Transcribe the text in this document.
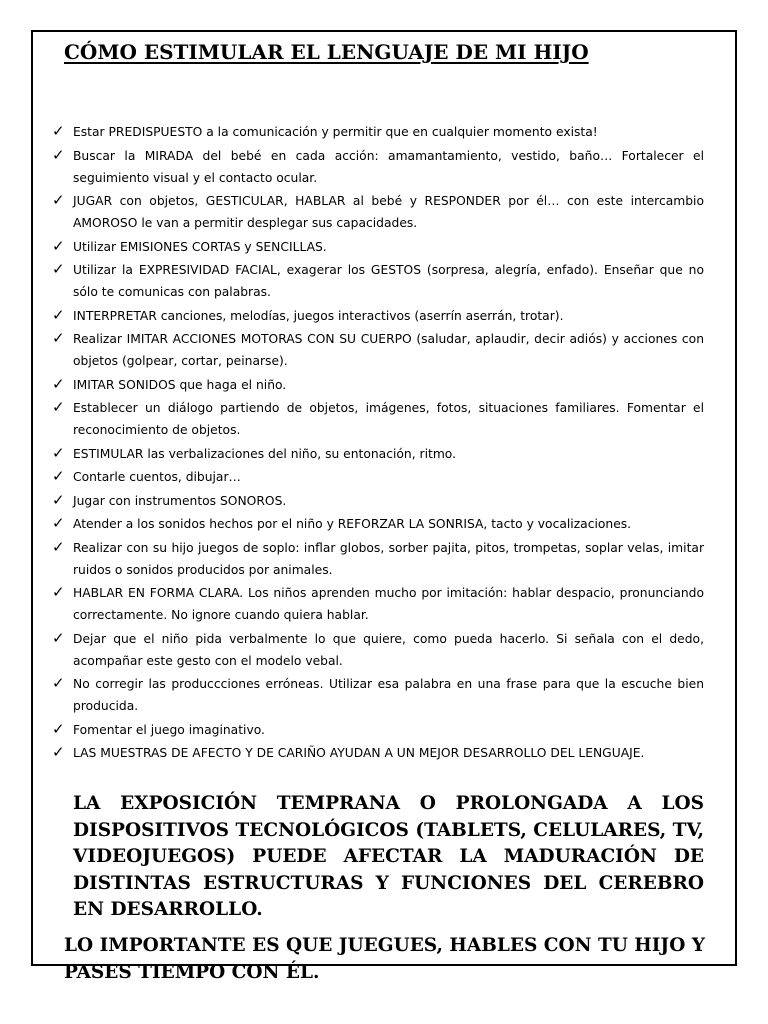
CÓMO ESTIMULAR EL LENGUAJE DE MI HIJO
✓ Estar PREDISPUESTO a la comunicación y permitir que en cualquier momento exista!
✓ Buscar la MIRADA del bebé en cada acción: amamantamiento, vestido, baño… Fortalecer el seguimiento visual y el contacto ocular.
✓ JUGAR con objetos, GESTICULAR, HABLAR al bebé y RESPONDER por él… con este intercambio AMOROSO le van a permitir desplegar sus capacidades.
✓ Utilizar EMISIONES CORTAS y SENCILLAS.
✓ Utilizar la EXPRESIVIDAD FACIAL, exagerar los GESTOS (sorpresa, alegría, enfado). Enseñar que no sólo te comunicas con palabras.
✓ INTERPRETAR canciones, melodías, juegos interactivos (aserrín aserrán, trotar).
✓ Realizar IMITAR ACCIONES MOTORAS CON SU CUERPO (saludar, aplaudir, decir adiós) y acciones con objetos (golpear, cortar, peinarse).
✓ IMITAR SONIDOS que haga el niño.
✓ Establecer un diálogo partiendo de objetos, imágenes, fotos, situaciones familiares. Fomentar el reconocimiento de objetos.
✓ ESTIMULAR las verbalizaciones del niño, su entonación, ritmo.
✓ Contarle cuentos, dibujar…
✓ Jugar con instrumentos SONOROS.
✓ Atender a los sonidos hechos por el niño y REFORZAR LA SONRISA, tacto y vocalizaciones.
✓ Realizar con su hijo juegos de soplo: inflar globos, sorber pajita, pitos, trompetas, soplar velas, imitar ruidos o sonidos producidos por animales.
✓ HABLAR EN FORMA CLARA. Los niños aprenden mucho por imitación: hablar despacio, pronunciando correctamente. No ignore cuando quiera hablar.
✓ Dejar que el niño pida verbalmente lo que quiere, como pueda hacerlo. Si señala con el dedo, acompañar este gesto con el modelo vebal.
✓ No corregir las produccciones erróneas. Utilizar esa palabra en una frase para que la escuche bien producida.
✓ Fomentar el juego imaginativo.
✓ LAS MUESTRAS DE AFECTO Y DE CARIÑO AYUDAN A UN MEJOR DESARROLLO DEL LENGUAJE.

LA EXPOSICIÓN TEMPRANA O PROLONGADA A LOS DISPOSITIVOS TECNOLÓGICOS (TABLETS, CELULARES, TV, VIDEOJUEGOS) PUEDE AFECTAR LA MADURACIÓN DE DISTINTAS ESTRUCTURAS Y FUNCIONES DEL CEREBRO EN DESARROLLO.

LO IMPORTANTE ES QUE JUEGUES, HABLES CON TU HIJO Y PASES TIEMPO CON ÉL.
